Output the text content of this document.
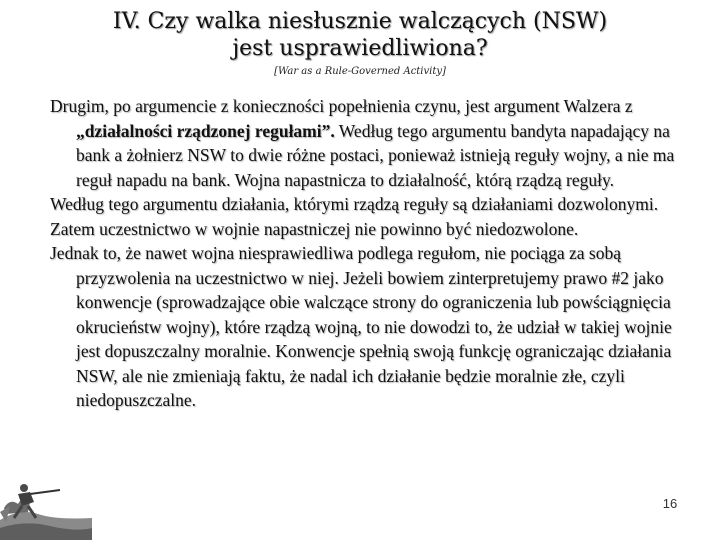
IV. Czy walka niesłusznie walczących (NSW)
jest usprawiedliwiona?
[War as a Rule-Governed Activity]

Drugim, po argumencie z konieczności popełnienia czynu, jest argument Walzera z „działalności rządzonej regułami”. Według tego argumentu bandyta napadający na bank a żołnierz NSW to dwie różne postaci, ponieważ istnieją reguły wojny, a nie ma reguł napadu na bank. Wojna napastnicza to działalność, którą rządzą reguły.

Według tego argumentu działania, którymi rządzą reguły są działaniami dozwolonymi.

Zatem uczestnictwo w wojnie napastniczej nie powinno być niedozwolone.

Jednak to, że nawet wojna niesprawiedliwa podlega regułom, nie pociąga za sobą przyzwolenia na uczestnictwo w niej. Jeżeli bowiem zinterpretujemy prawo #2 jako konwencje (sprowadzające obie walczące strony do ograniczenia lub powściągnięcia okrucieństw wojny), które rządzą wojną, to nie dowodzi to, że udział w takiej wojnie jest dopuszczalny moralnie. Konwencje spełnią swoją funkcję ograniczając działania NSW, ale nie zmieniają faktu, że nadal ich działanie będzie moralnie złe, czyli niedopuszczalne.

16
